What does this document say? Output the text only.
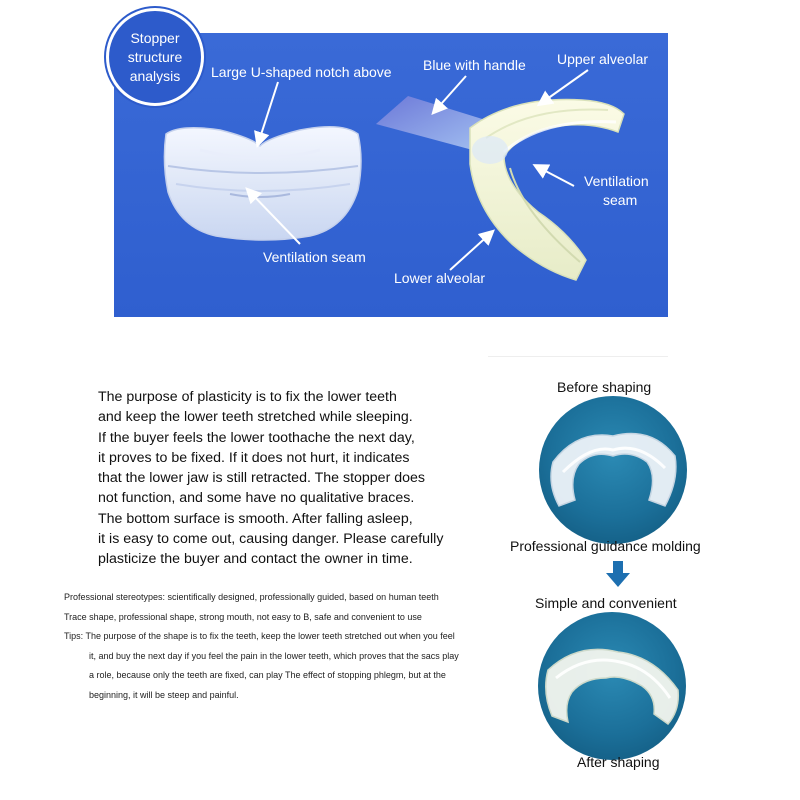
Stopper structure analysis	Large U-shaped notch above Blue with handle Upper alveolar
Ventilation
seam
Ventilation seam
Lower alveolar
The purpose of plasticity is to fix the lower teeth
and keep the lower teeth stretched while sleeping.
If the buyer feels the lower toothache the next day,
it proves to be fixed. If it does not hurt, it indicates
that the lower jaw is still retracted. The stopper does
not function, and some have no qualitative braces.
The bottom surface is smooth. After falling asleep,
it is easy to come out, causing danger. Please carefully
plasticize the buyer and contact the owner in time.
Professional stereotypes: scientifically designed, professionally guided, based on human teeth
Trace shape, professional shape, strong mouth, not easy to B, safe and convenient to use
Tips: The purpose of the shape is to fix the teeth, keep the lower teeth stretched out when you feel
it, and buy the next day if you feel the pain in the lower teeth, which proves that the sacs play
a role, because only the teeth are fixed, can play The effect of stopping phlegm, but at the
beginning, it will be steep and painful.
Before shaping
Professional guidance molding
Simple and convenient
After shaping
